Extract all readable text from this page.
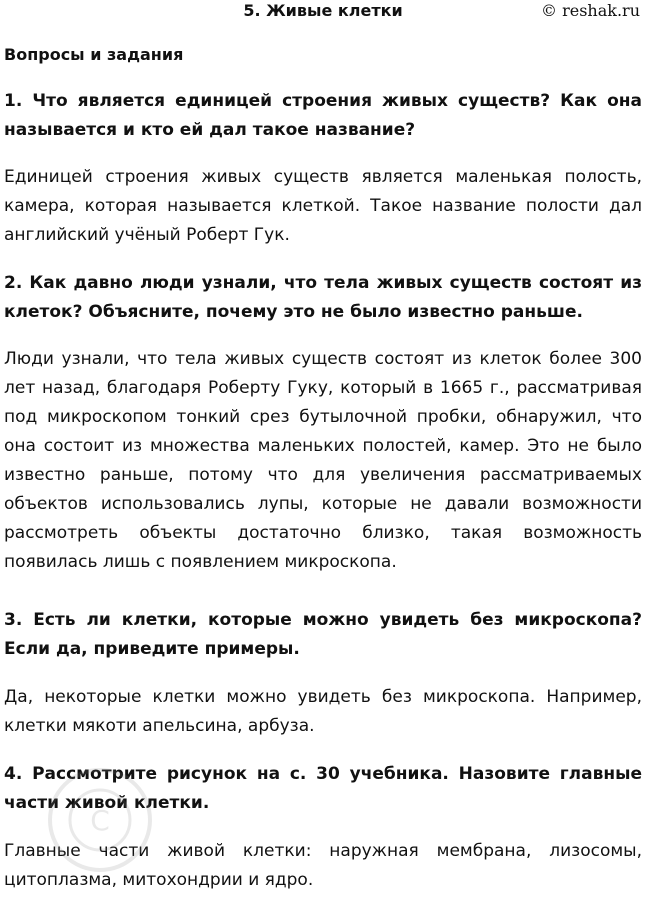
5. Живые клетки	© reshak.ru
Вопросы и задания

1. Что является единицей строения живых существ? Как она называется и кто ей дал такое название?

Единицей строения живых существ является маленькая полость, камера, которая называется клеткой. Такое название полости дал английский учёный Роберт Гук.

2. Как давно люди узнали, что тела живых существ состоят из клеток? Объясните, почему это не было известно раньше.

Люди узнали, что тела живых существ состоят из клеток более 300 лет назад, благодаря Роберту Гуку, который в 1665 г., рассматривая под микроскопом тонкий срез бутылочной пробки, обнаружил, что она состоит из множества маленьких полостей, камер. Это не было известно раньше, потому что для увеличения рассматриваемых объектов использовались лупы, которые не давали возможности рассмотреть объекты достаточно близко, такая возможность появилась лишь с появлением микроскопа.

3. Есть ли клетки, которые можно увидеть без микроскопа? Если да, приведите примеры.

Да, некоторые клетки можно увидеть без микроскопа. Например, клетки мякоти апельсина, арбуза.

4. Рассмотрите рисунок на с. 30 учебника. Назовите главные части живой клетки.

Главные части живой клетки: наружная мембрана, лизосомы, цитоплазма, митохондрии и ядро.

C
